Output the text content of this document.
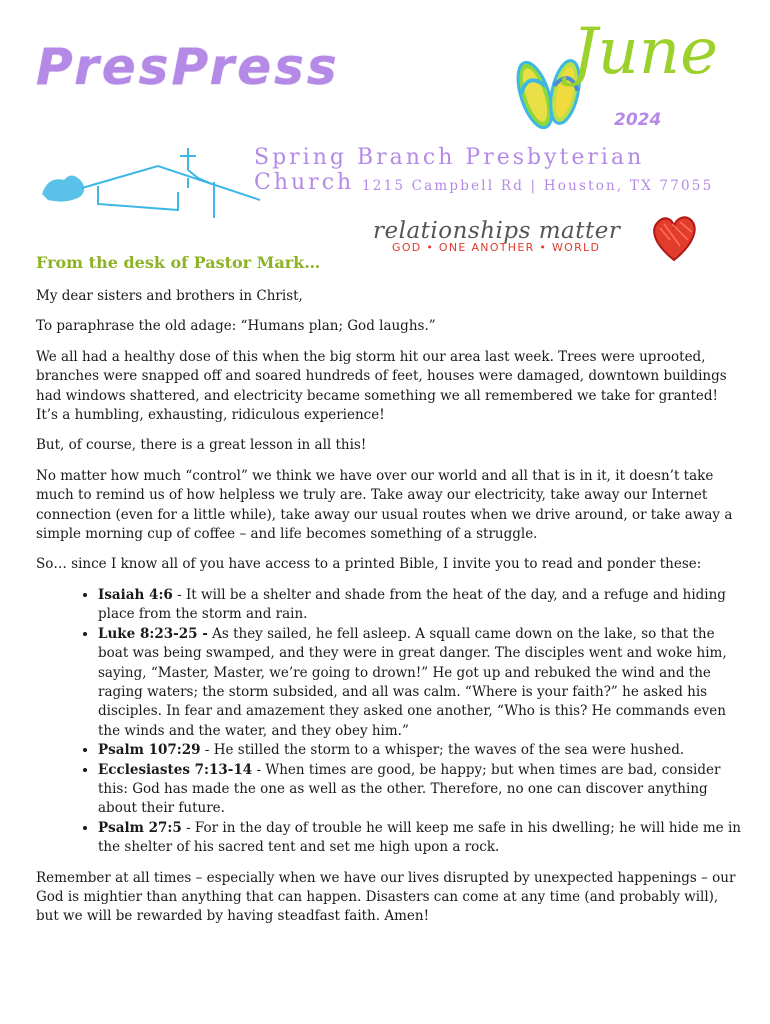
PresPress	June
2024
Spring Branch Presbyterian Church 1215 Campbell Rd | Houston, TX 77055
relationships matter
GOD • ONE ANOTHER • WORLD
From the desk of Pastor Mark…

My dear sisters and brothers in Christ,

To paraphrase the old adage: “Humans plan; God laughs.”

We all had a healthy dose of this when the big storm hit our area last week. Trees were uprooted, branches were snapped off and soared hundreds of feet, houses were damaged, downtown buildings had windows shattered, and electricity became something we all remembered we take for granted! It’s a humbling, exhausting, ridiculous experience!

But, of course, there is a great lesson in all this!

No matter how much “control” we think we have over our world and all that is in it, it doesn’t take much to remind us of how helpless we truly are. Take away our electricity, take away our Internet connection (even for a little while), take away our usual routes when we drive around, or take away a simple morning cup of coffee – and life becomes something of a struggle.

So… since I know all of you have access to a printed Bible, I invite you to read and ponder these:

• Isaiah 4:6 - It will be a shelter and shade from the heat of the day, and a refuge and hiding place from the storm and rain.
• Luke 8:23-25 - As they sailed, he fell asleep. A squall came down on the lake, so that the boat was being swamped, and they were in great danger. The disciples went and woke him, saying, “Master, Master, we’re going to drown!” He got up and rebuked the wind and the raging waters; the storm subsided, and all was calm. “Where is your faith?” he asked his disciples. In fear and amazement they asked one another, “Who is this? He commands even the winds and the water, and they obey him.”
• Psalm 107:29 - He stilled the storm to a whisper; the waves of the sea were hushed.
• Ecclesiastes 7:13-14 - When times are good, be happy; but when times are bad, consider this: God has made the one as well as the other. Therefore, no one can discover anything about their future.
• Psalm 27:5 - For in the day of trouble he will keep me safe in his dwelling; he will hide me in the shelter of his sacred tent and set me high upon a rock.

Remember at all times – especially when we have our lives disrupted by unexpected happenings – our God is mightier than anything that can happen. Disasters can come at any time (and probably will), but we will be rewarded by having steadfast faith. Amen!
